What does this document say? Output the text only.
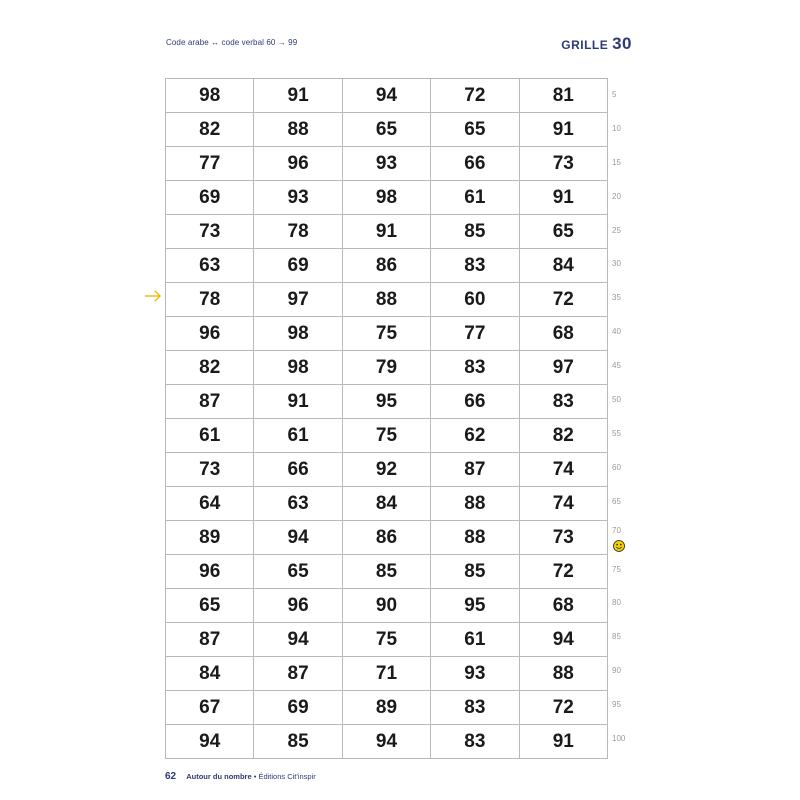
Code arabe ↔ code verbal 60 → 99	GRILLE 30
98	91	94	72	81
82	88	65	65	91
77	96	93	66	73
69	93	98	61	91
73	78	91	85	65
63	69	86	83	84
78	97	88	60	72
96	98	75	77	68
82	98	79	83	97
87	91	95	66	83
61	61	75	62	82
73	66	92	87	74
64	63	84	88	74
89	94	86	88	73
96	65	85	85	72
65	96	90	95	68
87	94	75	61	94
84	87	71	93	88
67	69	89	83	72
94	85	94	83	91
5
10
15
20
25
30
35
40
45
50
55
60
65
70
75
80
85
90
95
100
62 Autour du nombre • Éditions Cit'inspir
